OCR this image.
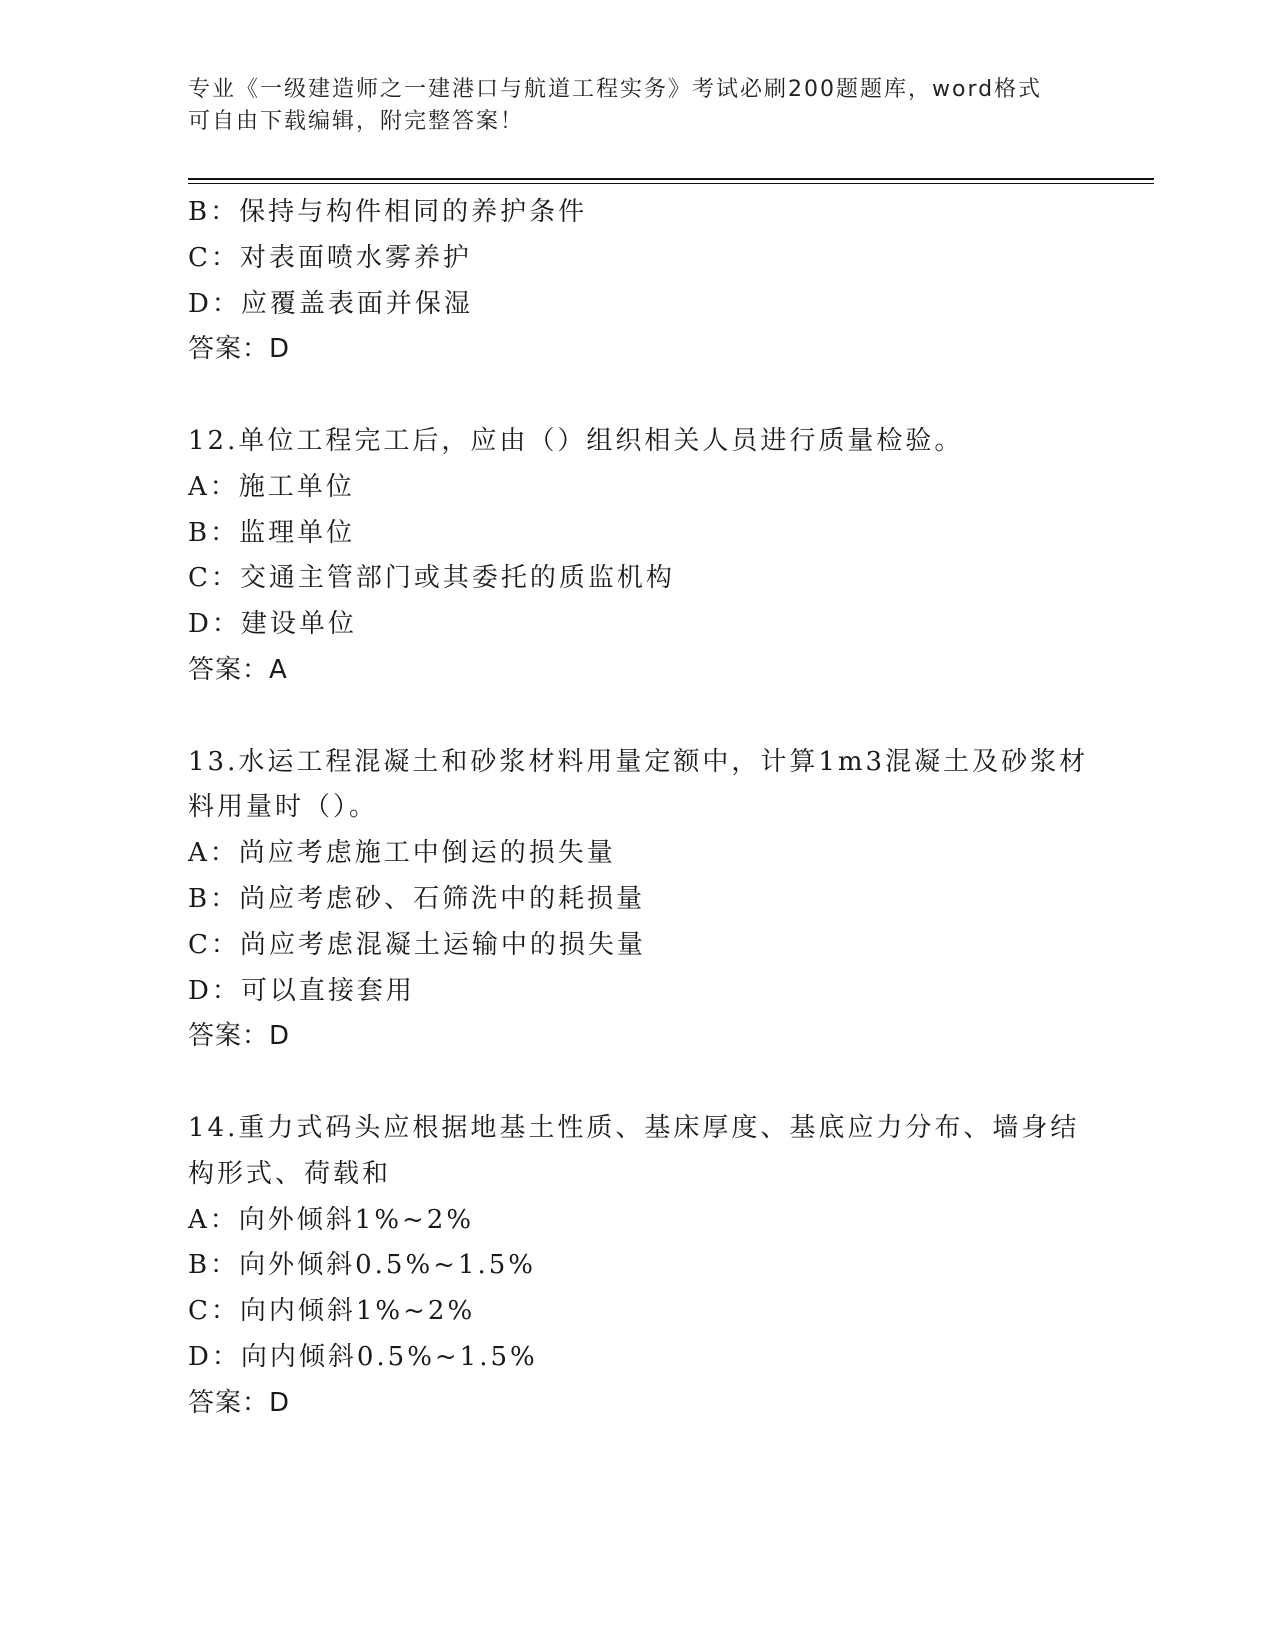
专业《一级建造师之一建港口与航道工程实务》考试必刷200题题库，word格式
可自由下载编辑，附完整答案！
B：保持与构件相同的养护条件
C：对表面喷水雾养护
D：应覆盖表面并保湿
答案：D
12.单位工程完工后，应由（）组织相关人员进行质量检验。
A：施工单位
B：监理单位
C：交通主管部门或其委托的质监机构
D：建设单位
答案：A
13.水运工程混凝土和砂浆材料用量定额中，计算1m3混凝土及砂浆材
料用量时（）。
A：尚应考虑施工中倒运的损失量
B：尚应考虑砂、石筛洗中的耗损量
C：尚应考虑混凝土运输中的损失量
D：可以直接套用
答案：D
14.重力式码头应根据地基土性质、基床厚度、基底应力分布、墙身结
构形式、荷载和
A：向外倾斜1%~2%
B：向外倾斜0.5%~1.5%
C：向内倾斜1%~2%
D：向内倾斜0.5%~1.5%
答案：D
